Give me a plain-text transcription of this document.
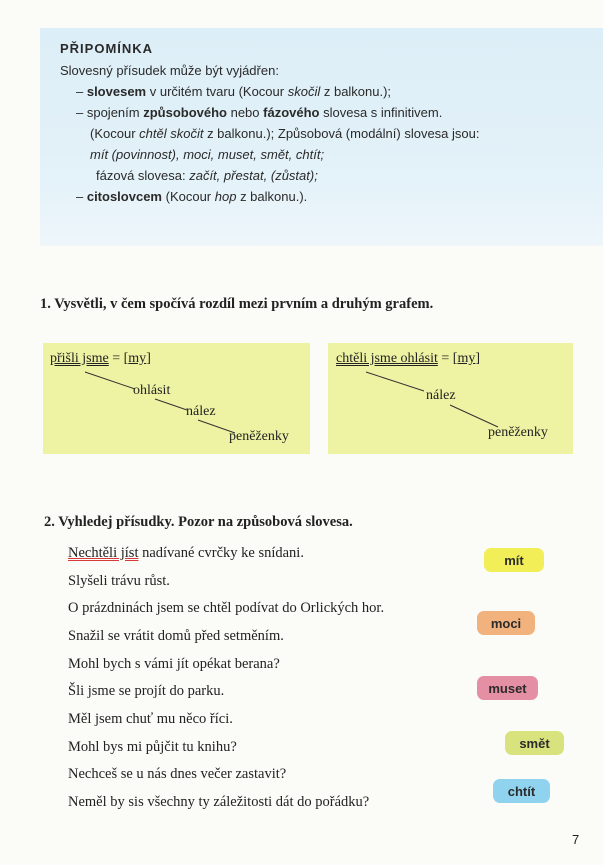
PŘIPOMÍNKA
Slovesný přísudek může být vyjádřen:
– slovesem v určitém tvaru (Kocour skočil z balkonu.);
– spojením způsobového nebo fázového slovesa s infinitivem.
(Kocour chtěl skočit z balkonu.); Způsobová (modální) slovesa jsou:
mít (povinnost), moci, muset, smět, chtít;
fázová slovesa: začít, přestat, (zůstat);
– citoslovcem (Kocour hop z balkonu.).
1. Vysvětli, v čem spočívá rozdíl mezi prvním a druhým grafem.
přišli jsme = [my]
ohlásit
nález
peněženky
chtěli jsme ohlásit = [my]
nález
peněženky
2. Vyhledej přísudky. Pozor na způsobová slovesa.
Nechtěli jíst nadívané cvrčky ke snídani.
Slyšeli trávu růst.
O prázdninách jsem se chtěl podívat do Orlických hor.
Snažil se vrátit domů před setměním.
Mohl bych s vámi jít opékat berana?
Šli jsme se projít do parku.
Měl jsem chuť mu něco říci.
Mohl bys mi půjčit tu knihu?
Nechceš se u nás dnes večer zastavit?
Neměl by sis všechny ty záležitosti dát do pořádku?
mít
moci
muset
smět
chtít
7
